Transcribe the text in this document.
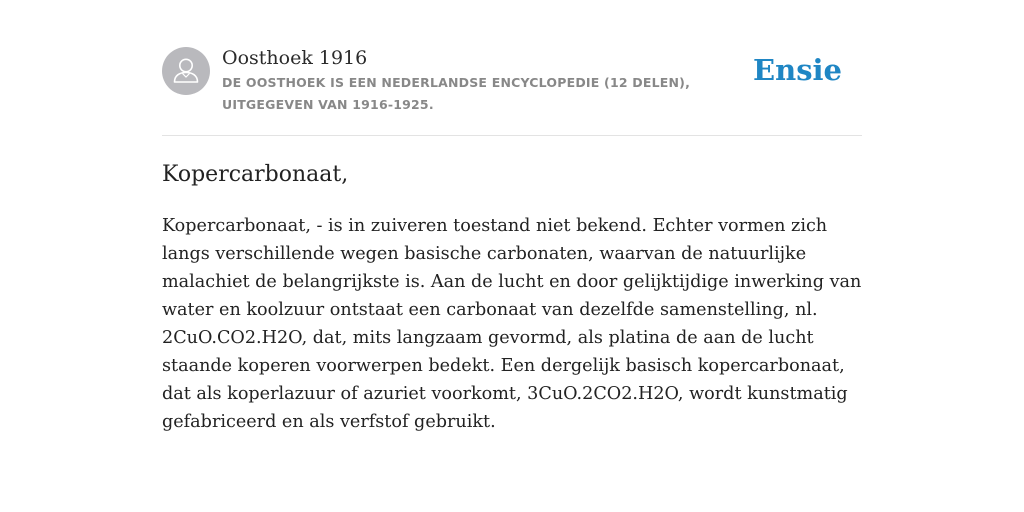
Oosthoek 1916
DE OOSTHOEK IS EEN NEDERLANDSE ENCYCLOPEDIE (12 DELEN), UITGEGEVEN VAN 1916-1925.
Ensie
Kopercarbonaat,

Kopercarbonaat, - is in zuiveren toestand niet bekend. Echter vormen zich langs verschillende wegen basische carbonaten, waarvan de natuurlijke malachiet de belangrijkste is. Aan de lucht en door gelijktijdige inwerking van water en koolzuur ontstaat een carbonaat van dezelfde samenstelling, nl. 2CuO.CO2.H2O, dat, mits langzaam gevormd, als platina de aan de lucht staande koperen voorwerpen bedekt. Een dergelijk basisch kopercarbonaat, dat als koperlazuur of azuriet voorkomt, 3CuO.2CO2.H2O, wordt kunstmatig gefabriceerd en als verfstof gebruikt.
